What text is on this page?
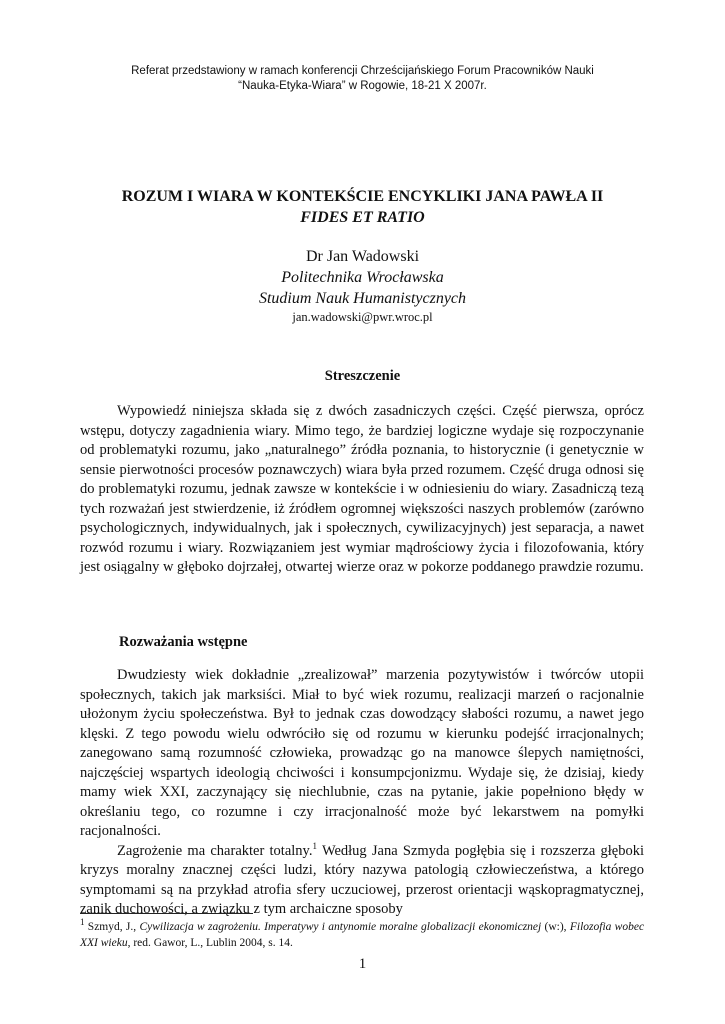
Referat przedstawiony w ramach konferencji Chrześcijańskiego Forum Pracowników Nauki
“Nauka-Etyka-Wiara” w Rogowie, 18-21 X 2007r.
ROZUM I WIARA W KONTEKŚCIE ENCYKLIKI JANA PAWŁA II
FIDES ET RATIO
Dr Jan Wadowski
Politechnika Wrocławska
Studium Nauk Humanistycznych
jan.wadowski@pwr.wroc.pl
Streszczenie

Wypowiedź niniejsza składa się z dwóch zasadniczych części. Część pierwsza, oprócz wstępu, dotyczy zagadnienia wiary. Mimo tego, że bardziej logiczne wydaje się rozpoczynanie od problematyki rozumu, jako „naturalnego” źródła poznania, to historycznie (i genetycznie w sensie pierwotności procesów poznawczych) wiara była przed rozumem. Część druga odnosi się do problematyki rozumu, jednak zawsze w kontekście i w odniesieniu do wiary. Zasadniczą tezą tych rozważań jest stwierdzenie, iż źródłem ogromnej większości naszych problemów (zarówno psychologicznych, indywidualnych, jak i społecznych, cywilizacyjnych) jest separacja, a nawet rozwód rozumu i wiary. Rozwiązaniem jest wymiar mądrościowy życia i filozofowania, który jest osiągalny w głęboko dojrzałej, otwartej wierze oraz w pokorze poddanego prawdzie rozumu.

Rozważania wstępne

Dwudziesty wiek dokładnie „zrealizował” marzenia pozytywistów i twórców utopii społecznych, takich jak marksiści. Miał to być wiek rozumu, realizacji marzeń o racjonalnie ułożonym życiu społeczeństwa. Był to jednak czas dowodzący słabości rozumu, a nawet jego klęski. Z tego powodu wielu odwróciło się od rozumu w kierunku podejść irracjonalnych; zanegowano samą rozumność człowieka, prowadząc go na manowce ślepych namiętności, najczęściej wspartych ideologią chciwości i konsumpcjonizmu. Wydaje się, że dzisiaj, kiedy mamy wiek XXI, zaczynający się niechlubnie, czas na pytanie, jakie popełniono błędy w określaniu tego, co rozumne i czy irracjonalność może być lekarstwem na pomyłki racjonalności.

Zagrożenie ma charakter totalny.$^1$ Według Jana Szmyda pogłębia się i rozszerza głęboki kryzys moralny znacznej części ludzi, który nazywa patologią człowieczeństwa, a którego symptomami są na przykład atrofia sfery uczuciowej, przerost orientacji wąskopragmatycznej, zanik duchowości, a związku z tym archaiczne sposoby

$^1$ Szmyd, J., Cywilizacja w zagrożeniu. Imperatywy i antynomie moralne globalizacji ekonomicznej (w:), Filozofia wobec XXI wieku, red. Gawor, L., Lublin 2004, s. 14.
1
